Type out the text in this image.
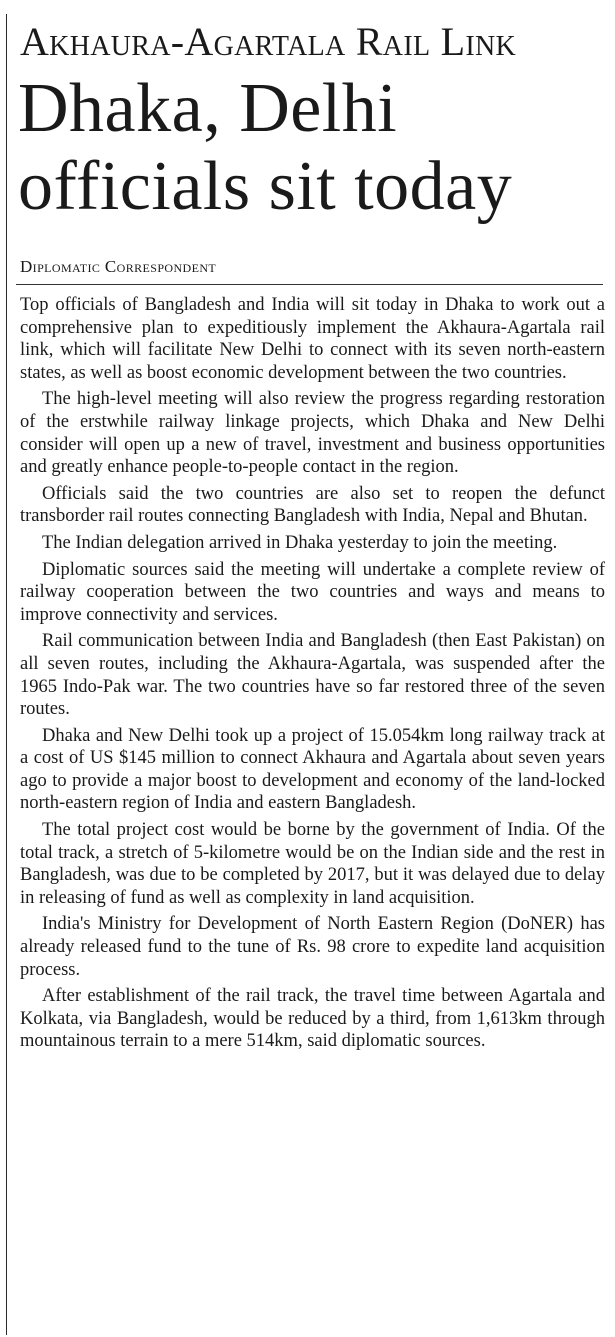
Akhaura-Agartala Rail Link
Dhaka, Delhi officials sit today
Diplomatic Correspondent

Top officials of Bangladesh and India will sit today in Dhaka to work out a comprehensive plan to expeditiously implement the Akhaura-Agartala rail link, which will facilitate New Delhi to connect with its seven north-eastern states, as well as boost economic development between the two countries.

The high-level meeting will also review the progress regarding restoration of the erstwhile railway linkage projects, which Dhaka and New Delhi consider will open up a new of travel, investment and business opportunities and greatly enhance people-to-people contact in the region.

Officials said the two countries are also set to reopen the defunct transborder rail routes connecting Bangladesh with India, Nepal and Bhutan.

The Indian delegation arrived in Dhaka yesterday to join the meeting.

Diplomatic sources said the meeting will undertake a complete review of railway cooperation between the two countries and ways and means to improve connectivity and services.

Rail communication between India and Bangladesh (then East Pakistan) on all seven routes, including the Akhaura-Agartala, was suspended after the 1965 Indo-Pak war. The two countries have so far restored three of the seven routes.

Dhaka and New Delhi took up a project of 15.054km long railway track at a cost of US $145 million to connect Akhaura and Agartala about seven years ago to provide a major boost to development and economy of the land-locked north-eastern region of India and eastern Bangladesh.

The total project cost would be borne by the government of India. Of the total track, a stretch of 5-kilometre would be on the Indian side and the rest in Bangladesh, was due to be completed by 2017, but it was delayed due to delay in releasing of fund as well as complexity in land acquisition.

India's Ministry for Development of North Eastern Region (DoNER) has already released fund to the tune of Rs. 98 crore to expedite land acquisition process.

After establishment of the rail track, the travel time between Agartala and Kolkata, via Bangladesh, would be reduced by a third, from 1,613km through mountainous terrain to a mere 514km, said diplomatic sources.
